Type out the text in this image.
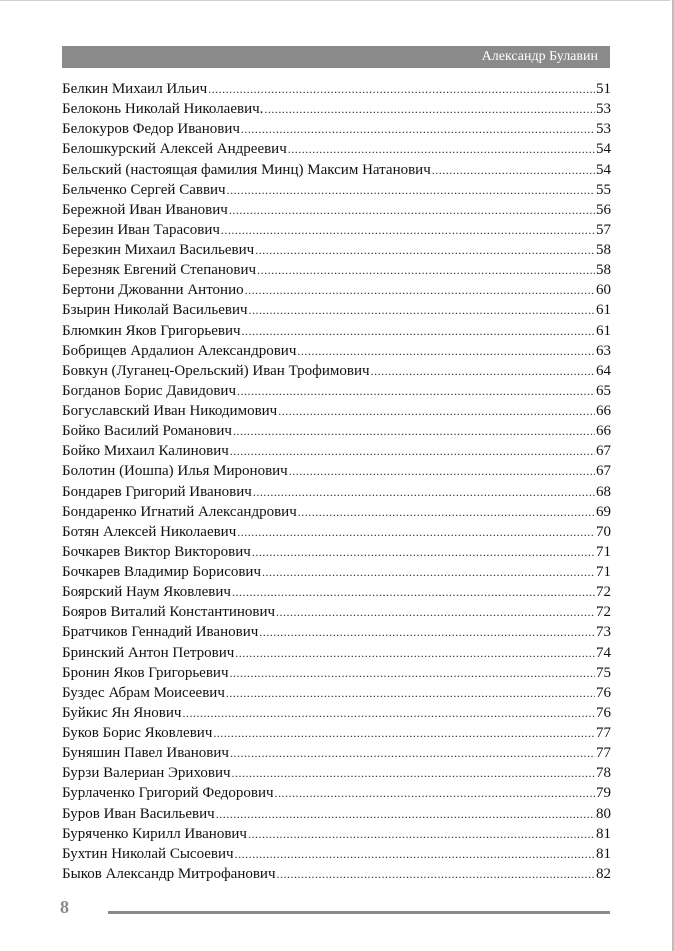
Александр Булавин
Белкин Михаил Ильич .....	51
Белоконь Николай Николаевич. .....	53
Белокуров Федор Иванович .....	53
Белошкурский Алексей Андреевич .....	54
Бельский (настоящая фамилия Минц) Максим Натанович .....	54
Бельченко Сергей Саввич .....	55
Бережной Иван Иванович .....	56
Березин Иван Тарасович .....	57
Березкин Михаил Васильевич .....	58
Березняк Евгений Степанович .....	58
Бертони Джованни Антонио .....	60
Бзырин Николай Васильевич .....	61
Блюмкин Яков Григорьевич .....	61
Бобрищев Ардалион Александрович .....	63
Бовкун (Луганец-Орельский) Иван Трофимович .....	64
Богданов Борис Давидович .....	65
Богуславский Иван Никодимович .....	66
Бойко Василий Романович .....	66
Бойко Михаил Калинович .....	67
Болотин (Иошпа) Илья Миронович .....	67
Бондарев Григорий Иванович .....	68
Бондаренко Игнатий Александрович .....	69
Ботян Алексей Николаевич .....	70
Бочкарев Виктор Викторович .....	71
Бочкарев Владимир Борисович .....	71
Боярский Наум Яковлевич .....	72
Бояров Виталий Константинович .....	72
Братчиков Геннадий Иванович .....	73
Бринский Антон Петрович .....	74
Бронин Яков Григорьевич .....	75
Буздес Абрам Моисеевич .....	76
Буйкис Ян Янович .....	76
Буков Борис Яковлевич .....	77
Буняшин Павел Иванович .....	77
Бурзи Валериан Эрихович .....	78
Бурлаченко Григорий Федорович .....	79
Буров Иван Васильевич .....	80
Буряченко Кирилл Иванович .....	81
Бухтин Николай Сысоевич .....	81
Быков Александр Митрофанович .....	82
8
